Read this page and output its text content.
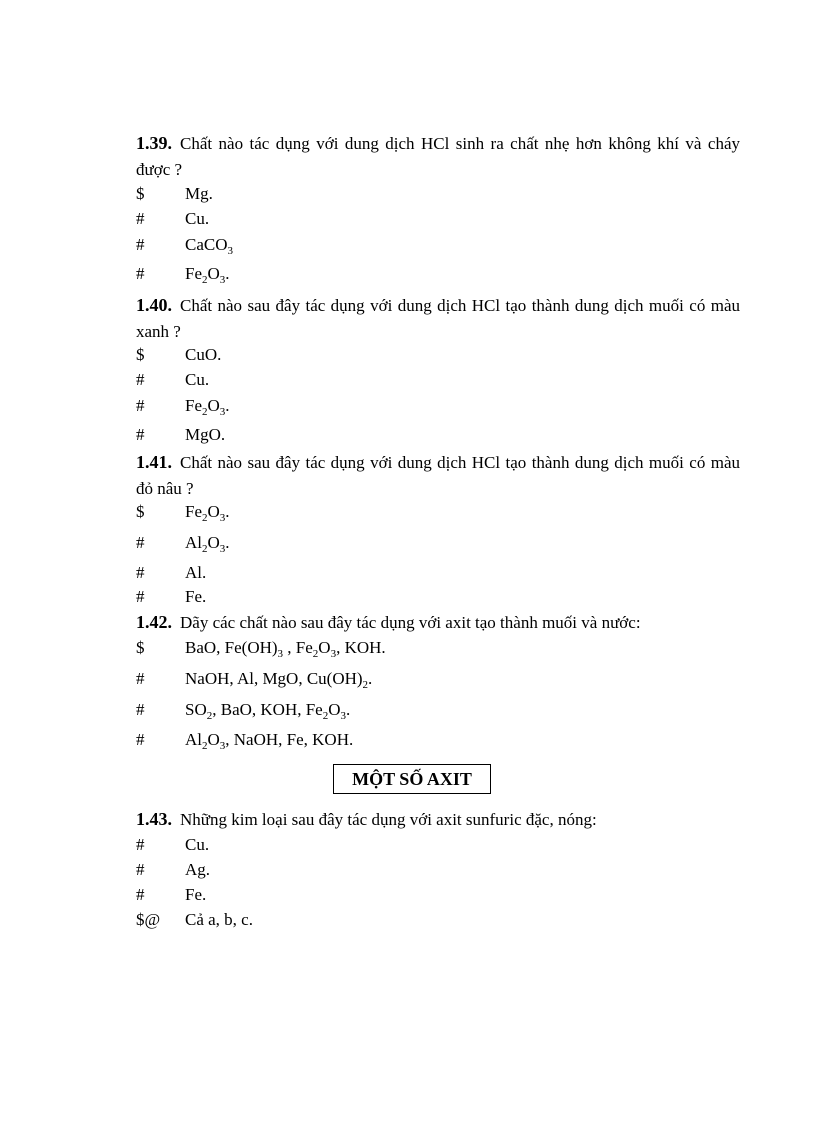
1.39. Chất nào tác dụng với dung dịch HCl sinh ra chất nhẹ hơn không khí và cháy được ?
$ Mg.
# Cu.
# CaCO$_3$
# $Fe_2O_3$.
1.40. Chất nào sau đây tác dụng với dung dịch HCl tạo thành dung dịch muối có màu xanh ?
$ CuO.
# Cu.
# $Fe_2O_3$.
# MgO.
1.41. Chất nào sau đây tác dụng với dung dịch HCl tạo thành dung dịch muối có màu đỏ nâu ?
$ $Fe_2O_3$.
# $Al_2O_3$.
# Al.
# Fe.
1.42. Dãy các chất nào sau đây tác dụng với axit tạo thành muối và nước:
$ BaO, $Fe(OH)_3$ , $Fe_2O_3$, KOH.
# NaOH, Al, MgO, $Cu(OH)_2$.
# $SO_2$, BaO, KOH, $Fe_2O_3$.
# $Al_2O_3$, NaOH, Fe, KOH.
MỘT SỐ AXIT
1.43. Những kim loại sau đây tác dụng với axit sunfuric đặc, nóng:
# Cu.
# Ag.
# Fe.
$@ Cả a, b, c.
